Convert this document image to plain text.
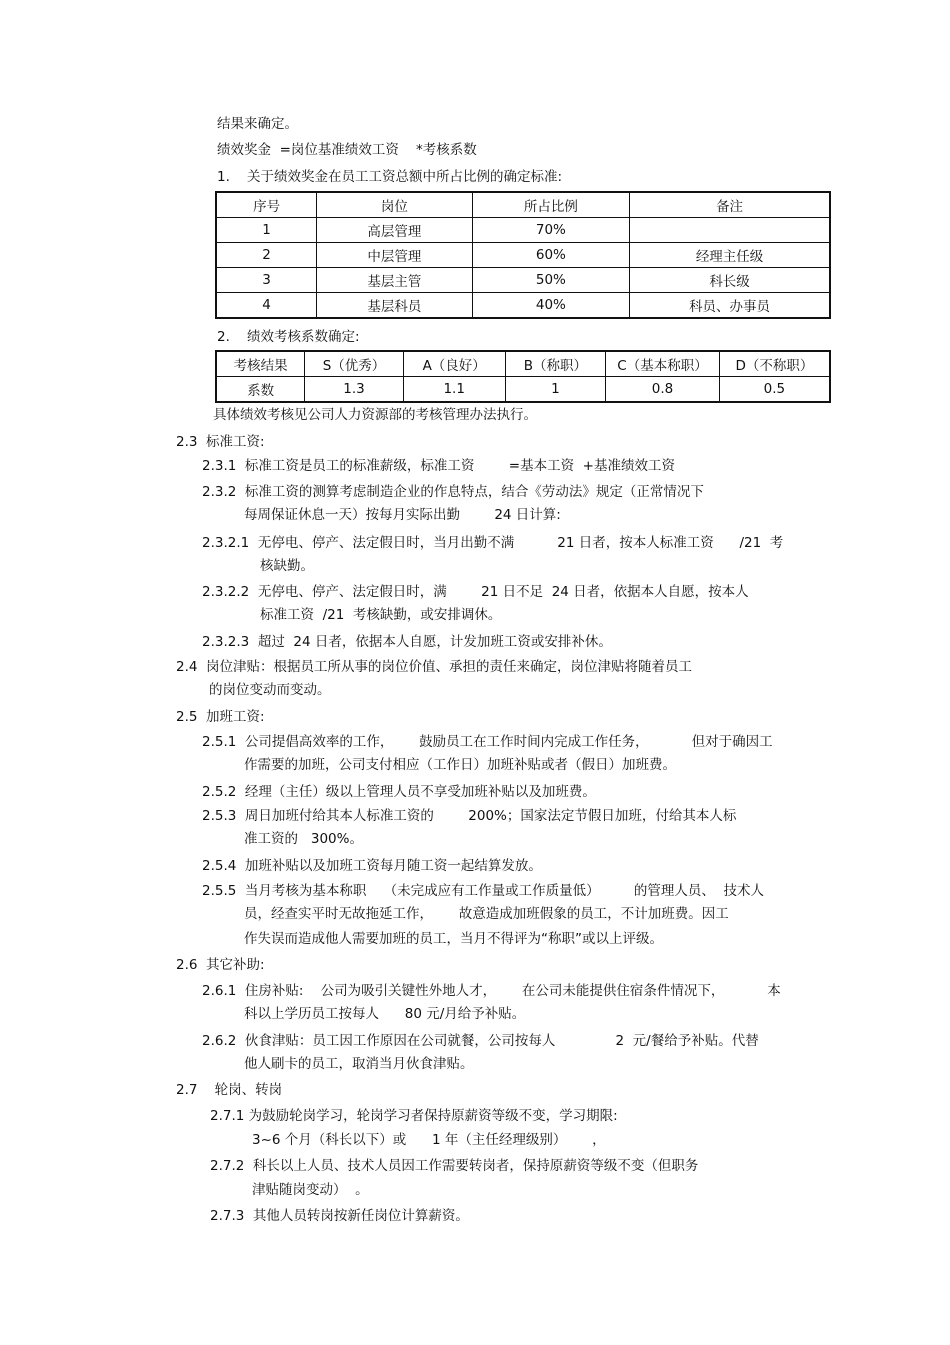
结果来确定。
绩效奖金  =岗位基准绩效工资    *考核系数
1.    关于绩效奖金在员工工资总额中所占比例的确定标准:
序号	岗位	所占比例	备注
1	高层管理	70%	
2	中层管理	60%	经理主任级
3	基层主管	50%	科长级
4	基层科员	40%	科员、办事员
2.    绩效考核系数确定:
考核结果	S（优秀）	A（良好）	B（称职）	C（基本称职）	D（不称职）
系数	1.3	1.1	1	0.8	0.5
具体绩效考核见公司人力资源部的考核管理办法执行。
2.3  标准工资:
2.3.1  标准工资是员工的标准薪级，标准工资        =基本工资  +基准绩效工资
2.3.2  标准工资的测算考虑制造企业的作息特点，结合《劳动法》规定（正常情况下
每周保证休息一天）按每月实际出勤        24 日计算:
2.3.2.1  无停电、停产、法定假日时，当月出勤不满          21 日者，按本人标准工资      /21  考
核缺勤。
2.3.2.2  无停电、停产、法定假日时，满        21 日不足  24 日者，依据本人自愿，按本人
标准工资  /21  考核缺勤，或安排调休。
2.3.2.3  超过  24 日者，依据本人自愿，计发加班工资或安排补休。
2.4  岗位津贴：根据员工所从事的岗位价值、承担的责任来确定，岗位津贴将随着员工
的岗位变动而变动。
2.5  加班工资:
2.5.1  公司提倡高效率的工作，      鼓励员工在工作时间内完成工作任务，          但对于确因工
作需要的加班，公司支付相应（工作日）加班补贴或者（假日）加班费。
2.5.2  经理（主任）级以上管理人员不享受加班补贴以及加班费。
2.5.3  周日加班付给其本人标准工资的        200%；国家法定节假日加班，付给其本人标
准工资的   300%。
2.5.4  加班补贴以及加班工资每月随工资一起结算发放。
2.5.5  当月考核为基本称职    （未完成应有工作量或工作质量低）        的管理人员、  技术人
员，经查实平时无故拖延工作，      故意造成加班假象的员工，不计加班费。因工
作失误而造成他人需要加班的员工，当月不得评为“称职”或以上评级。
2.6  其它补助:
2.6.1  住房补贴:    公司为吸引关键性外地人才，      在公司未能提供住宿条件情况下，          本
科以上学历员工按每人      80 元/月给予补贴。
2.6.2  伙食津贴：员工因工作原因在公司就餐，公司按每人              2  元/餐给予补贴。代替
他人刷卡的员工，取消当月伙食津贴。
2.7    轮岗、转岗
2.7.1 为鼓励轮岗学习，轮岗学习者保持原薪资等级不变，学习期限:
3~6 个月（科长以下）或      1 年（主任经理级别）      ，
2.7.2  科长以上人员、技术人员因工作需要转岗者，保持原薪资等级不变（但职务
津贴随岗变动）  。
2.7.3  其他人员转岗按新任岗位计算薪资。
